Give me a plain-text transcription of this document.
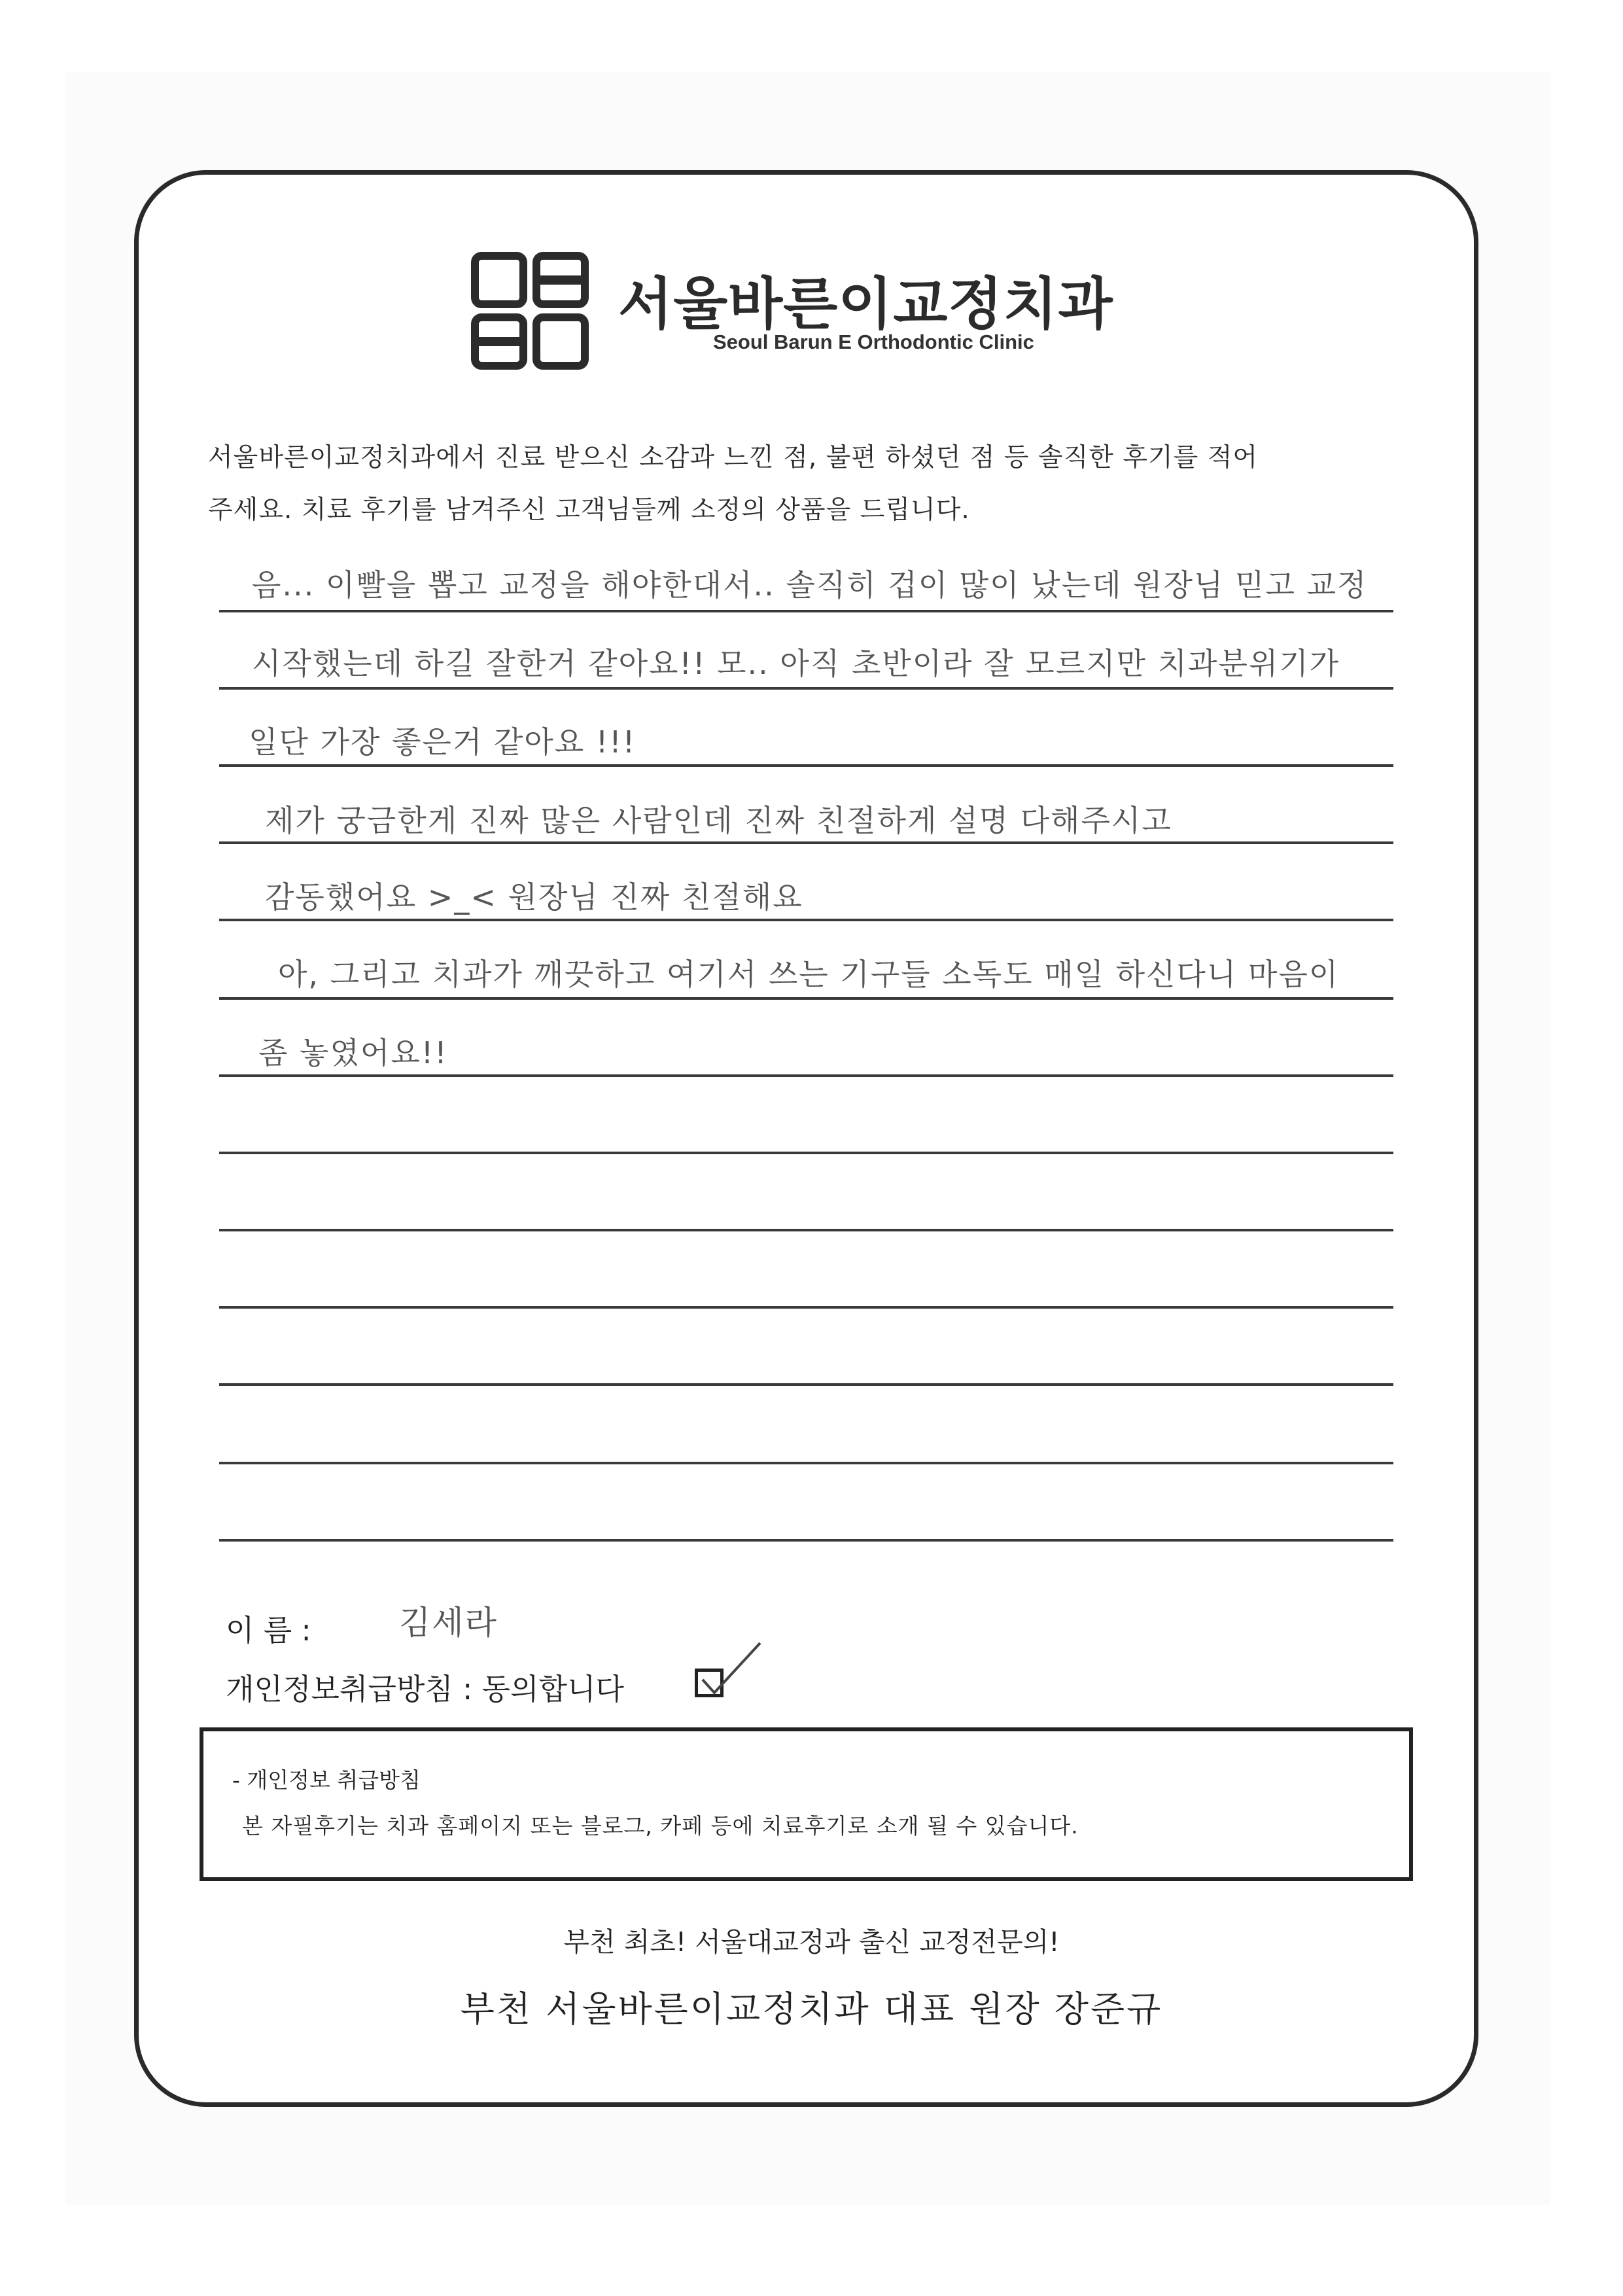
서울바른이교정치과
Seoul Barun E Orthodontic Clinic
서울바른이교정치과에서 진료 받으신 소감과 느낀 점, 불편 하셨던 점 등 솔직한 후기를 적어
주세요. 치료 후기를 남겨주신 고객님들께 소정의 상품을 드립니다.
음... 이빨을 뽑고 교정을 해야한대서.. 솔직히 겁이 많이 났는데 원장님 믿고 교정
시작했는데 하길 잘한거 같아요!! 모.. 아직 초반이라 잘 모르지만 치과분위기가
일단 가장 좋은거 같아요 !!!
제가 궁금한게 진짜 많은 사람인데 진짜 친절하게 설명 다해주시고
감동했어요 >_< 원장님 진짜 친절해요
아, 그리고 치과가 깨끗하고 여기서 쓰는 기구들 소독도 매일 하신다니 마음이
좀 놓였어요!!
이 름 :	김세라
개인정보취급방침 : 동의합니다
- 개인정보 취급방침
본 자필후기는 치과 홈페이지 또는 블로그, 카페 등에 치료후기로 소개 될 수 있습니다.
부천 최초! 서울대교정과 출신 교정전문의!
부천 서울바른이교정치과 대표 원장 장준규
